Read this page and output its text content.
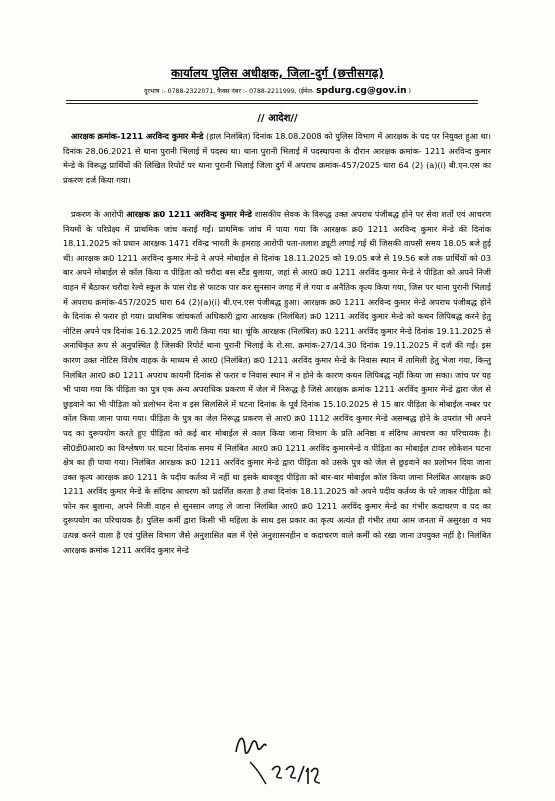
कार्यालय पुलिस अधीक्षक, जिला-दुर्ग (छत्तीसगढ़)
दूरभाष :- 0788-2322071, फैक्स नंबर :- 0788-2211999, (ईमेल- spdurg.cg@gov.in )
// आदेश//
आरक्षक क्रमांक-1211 अरविन्द कुमार मेन्डे (हाल निलंबित) दिनांक 18.08.2008 को पुलिस विभाग में आरक्षक के पद पर नियुक्त हुआ था। दिनांक 28.06.2021 से थाना पुरानी भिलाई में पदस्थ था। थाना पुरानी भिलाई में पदस्थापना के दौरान आरक्षक क्रमांक- 1211 अरविन्द कुमार मेन्डे के विरूद्ध प्रार्थियों की लिखित रिपोर्ट पर थाना पुरानी भिलाई जिला दुर्ग में अपराध क्रमांक-457/2025 धारा 64 (2) (a)(i) बी.एन.एस का प्रकरण दर्ज किया गया।
प्रकरण के आरोपी आरक्षक क्र0 1211 अरविन्द कुमार मेन्डे शासकीय सेवक के विरूद्ध उक्त अपराध पंजीबद्ध होने पर सेवा शर्तो एवं आचरण नियमों के परिप्रेक्ष्य में प्राथमिक जांच कराई गई। प्राथमिक जांच में पाया गया कि आरक्षक क्र0 1211 अरविन्द कुमार मेन्डे की दिनांक 18.11.2025 को प्रधान आरक्षक 1471 रविन्द्र भारती के हमराह आरोपी पता-तलाश ड्यूटी लगाई गई थी जिसकी वापसी समय 18.05 बजे हुई थी। आरक्षक क्र0 1211 अरविन्द कुमार मेन्डे ने अपने मोबाईल से दिनांक 18.11.2025 को 19.05 बजे से 19.56 बजे तक प्रार्थियों को 03 बार अपने मोबाईल से कॉल किया व पीड़िता को चरौदा बस स्टैंड बुलाया, जहां से आर0 क्र0 1211 अरविंद कुमार मेन्डे ने पीड़िता को अपने निजी वाहन में बैठाकर चरौदा रेल्वे स्कूल के पास रोड से फाटक पार कर सुनसान जगह में ले गया व अनैतिक कृत्य किया गया, जिस पर थाना पुरानी भिलाई में अपराध क्रमांक-457/2025 धारा 64 (2)(a)(i) बी.एन.एस पंजीबद्ध हुआ। आरक्षक क्र0 1211 अरविन्द कुमार मेन्डे अपराध पंजीबद्ध होने के दिनांक से फरार हो गया। प्राथमिक जांचकर्ता अधिकारी द्वारा आरक्षक (निलंबित) क्र0 1211 अरविंद कुमार मेन्डे को कथन लिपिबद्ध करने हेतु नोटिस अपने पत्र दिनांक 16.12.2025 जारी किया गया था। चूंकि आरक्षक (निलंबित) क्र0 1211 अरविंद कुमार मेन्डे दिनांक 19.11.2025 से अनाधिकृत रूप से अनुपस्थित है जिसकी रिपोर्ट थाना पुरानी भिलाई के रो.सा. क्रमांक-27/14.30 दिनांक 19.11.2025 में दर्ज की गई। इस कारण उक्त नोटिस विशेष वाहक के माध्यम से आर0 (निलंबित) क्र0 1211 अरविंद कुमार मेन्डे के निवास स्थान में तामिली हेतु भेजा गया, किन्तु निलंबित आर0 क्र0 1211 अपराध कायमी दिनांक से फरार व निवास स्थान में न होने के कारण कथन लिपिबद्ध नहीं किया जा सका। जांच पर यह भी पाया गया कि पीड़िता का पुत्र एक अन्य अपराधिक प्रकरण में जेल में निरूद्ध है जिसे आरक्षक क्रमांक 1211 अरविंद कुमार मेन्डे द्वारा जेल से छुड़वाने का भी पीड़िता को प्रलोभन देना व इस सिलसिले में घटना दिनांक के पूर्व दिनांक 15.10.2025 से 15 बार पीड़िता के मोबाईल नम्बर पर कॉल किया जाना पाया गया। पीड़िता के पुत्र का जेल निरूद्ध प्रकरण से आर0 क्र0 1112 अरविंद कुमार मेन्डे असम्बद्ध होने के उपरांत भी अपने पद का दुरूपयोग करते हुए पीड़िता को कई बार मोबाईल से काल किया जाना विभाग के प्रति अनिष्ठा व संदिग्ध आचरण का परिचायक है। सी0डी0आर0 का विश्लेषण पर घटना दिनांक समय में निलंबित आर0 क्र0 1211 अरविंद कुमारमेन्डे व पीड़िता का मोबाईल टावर लोकेशन घटना क्षेत्र का ही पाया गया। निलंबित आरक्षक क्र0 1211 अरविंद कुमार मेन्डे द्वारा पीड़िता को उसके पुत्र को जेल से छुड़वाने का प्रलोभन दिया जाना उक्त कृत्य आरक्षक क्र0 1211 के पदीय कर्तव्य में नहीं था इसके बावजूद पीड़िता को बार-बार मोबाईल कॉल किया जाना निलंबित आरक्षक क्र0 1211 अरविंद कुमार मेन्डे के संदिग्ध आचरण को प्रदर्शित करता है तथा दिनांक 18.11.2025 को अपने पदीय कर्तव्य के परे जाकर पीड़िता को फोन कर बुलाना, अपने निजी वाहन से सुनसान जगह ले जाना निलंबित आर0 क्र0 1211 अरविंद कुमार मेन्डे का गंभीर कदाचरण व पद का दुरूपयोग का परिचायक है। पुलिस कर्मी द्वारा किसी भी महिला के साथ इस प्रकार का कृत्य अत्यंत ही गंभीर तथा आम जनता में असुरक्षा व भय उत्पन्न करने वाला है एवं पुलिस विभाग जैसे अनुशासित बल में ऐसे अनुशासनहीन व कदाचरण वाले कर्मी को रखा जाना उपयुक्त नहीं है। निलंबित आरक्षक क्रमांक 1211 अरविंद कुमार मेन्डे
